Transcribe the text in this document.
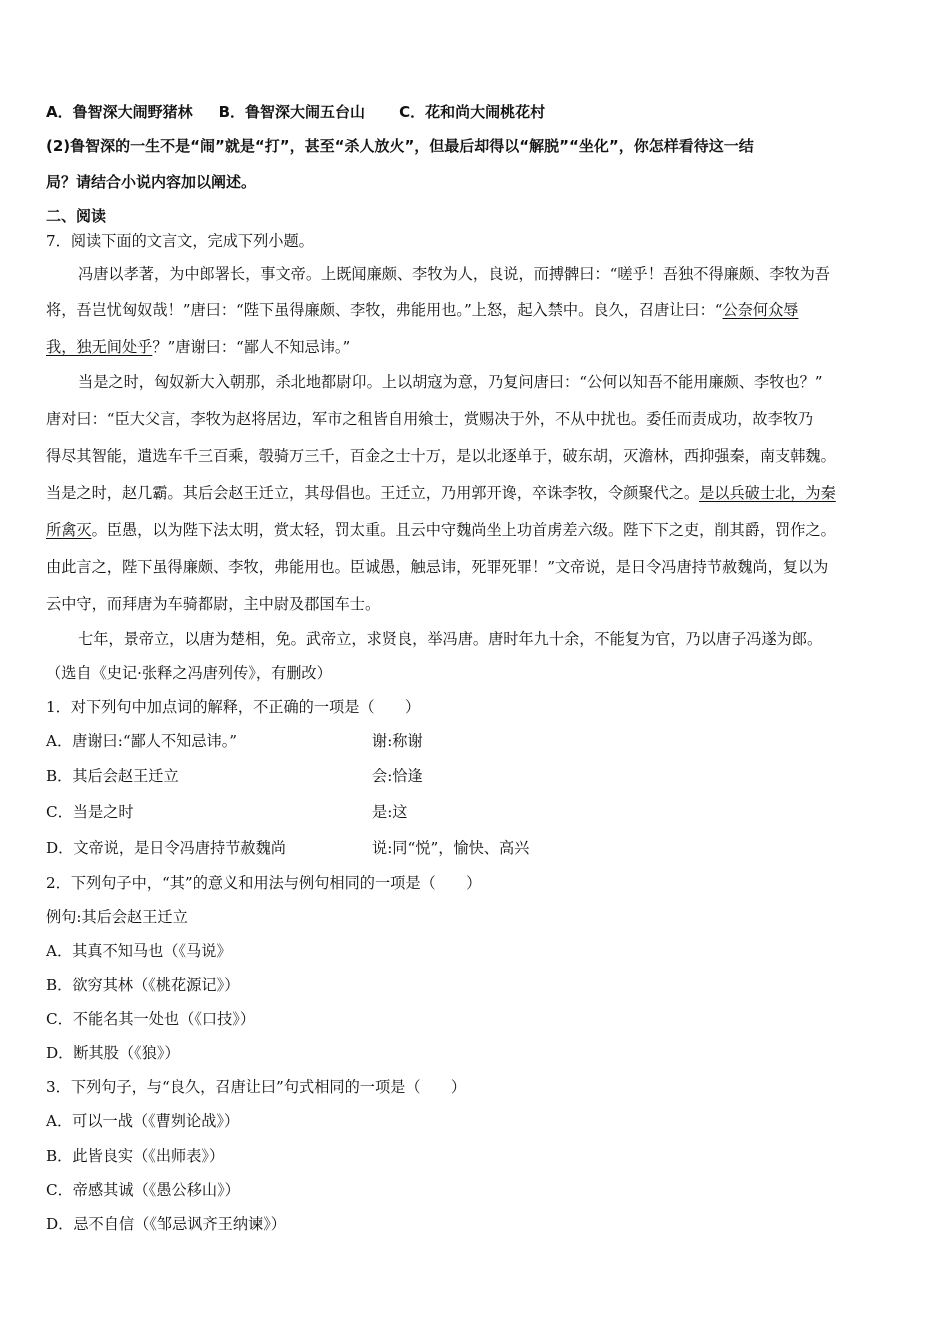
A．鲁智深大闹野猪林 B．鲁智深大闹五台山 C．花和尚大闹桃花村
(2)鲁智深的一生不是“闹”就是“打”，甚至“杀人放火”，但最后却得以“解脱”“坐化”，你怎样看待这一结
局？请结合小说内容加以阐述。
二、阅读
7．阅读下面的文言文，完成下列小题。
冯唐以孝著，为中郎署长，事文帝。上既闻廉颇、李牧为人，良说，而搏髀曰：“嗟乎！吾独不得廉颇、李牧为吾
将，吾岂忧匈奴哉！”唐曰：“陛下虽得廉颇、李牧，弗能用也。”上怒，起入禁中。良久，召唐让曰：“公奈何众辱
我，独无间处乎？”唐谢曰：“鄙人不知忌讳。”
当是之时，匈奴新大入朝那，杀北地都尉卬。上以胡寇为意，乃复问唐曰：“公何以知吾不能用廉颇、李牧也？”
唐对曰：“臣大父言，李牧为赵将居边，军市之租皆自用飨士，赏赐决于外，不从中扰也。委任而责成功，故李牧乃
得尽其智能，遣选车千三百乘，彀骑万三千，百金之士十万，是以北逐单于，破东胡，灭澹林，西抑强秦，南支韩魏。
当是之时，赵几霸。其后会赵王迁立，其母倡也。王迁立，乃用郭开谗，卒诛李牧，令颜聚代之。是以兵破士北，为秦
所禽灭。臣愚，以为陛下法太明，赏太轻，罚太重。且云中守魏尚坐上功首虏差六级。陛下下之吏，削其爵，罚作之。
由此言之，陛下虽得廉颇、李牧，弗能用也。臣诚愚，触忌讳，死罪死罪！”文帝说，是日令冯唐持节赦魏尚，复以为
云中守，而拜唐为车骑都尉，主中尉及郡国车士。
七年，景帝立，以唐为楚相，免。武帝立，求贤良，举冯唐。唐时年九十余，不能复为官，乃以唐子冯遂为郎。
（选自《史记·张释之冯唐列传》，有删改）
1．对下列句中加点词的解释，不正确的一项是（　　）
A．唐谢曰:“鄙人不知忌讳。”	谢:称谢
B．其后会赵王迁立	会:恰逢
C．当是之时	是:这
D．文帝说，是日令冯唐持节赦魏尚	说:同“悦”，愉快、高兴
2．下列句子中，“其”的意义和用法与例句相同的一项是（　　）
例句:其后会赵王迁立
A．其真不知马也（《马说》
B．欲穷其林（《桃花源记》）
C．不能名其一处也（《口技》）
D．断其股（《狼》）
3．下列句子，与“良久，召唐让曰”句式相同的一项是（　　）
A．可以一战（《曹刿论战》）
B．此皆良实（《出师表》）
C．帝感其诚（《愚公移山》）
D．忌不自信（《邹忌讽齐王纳谏》）
